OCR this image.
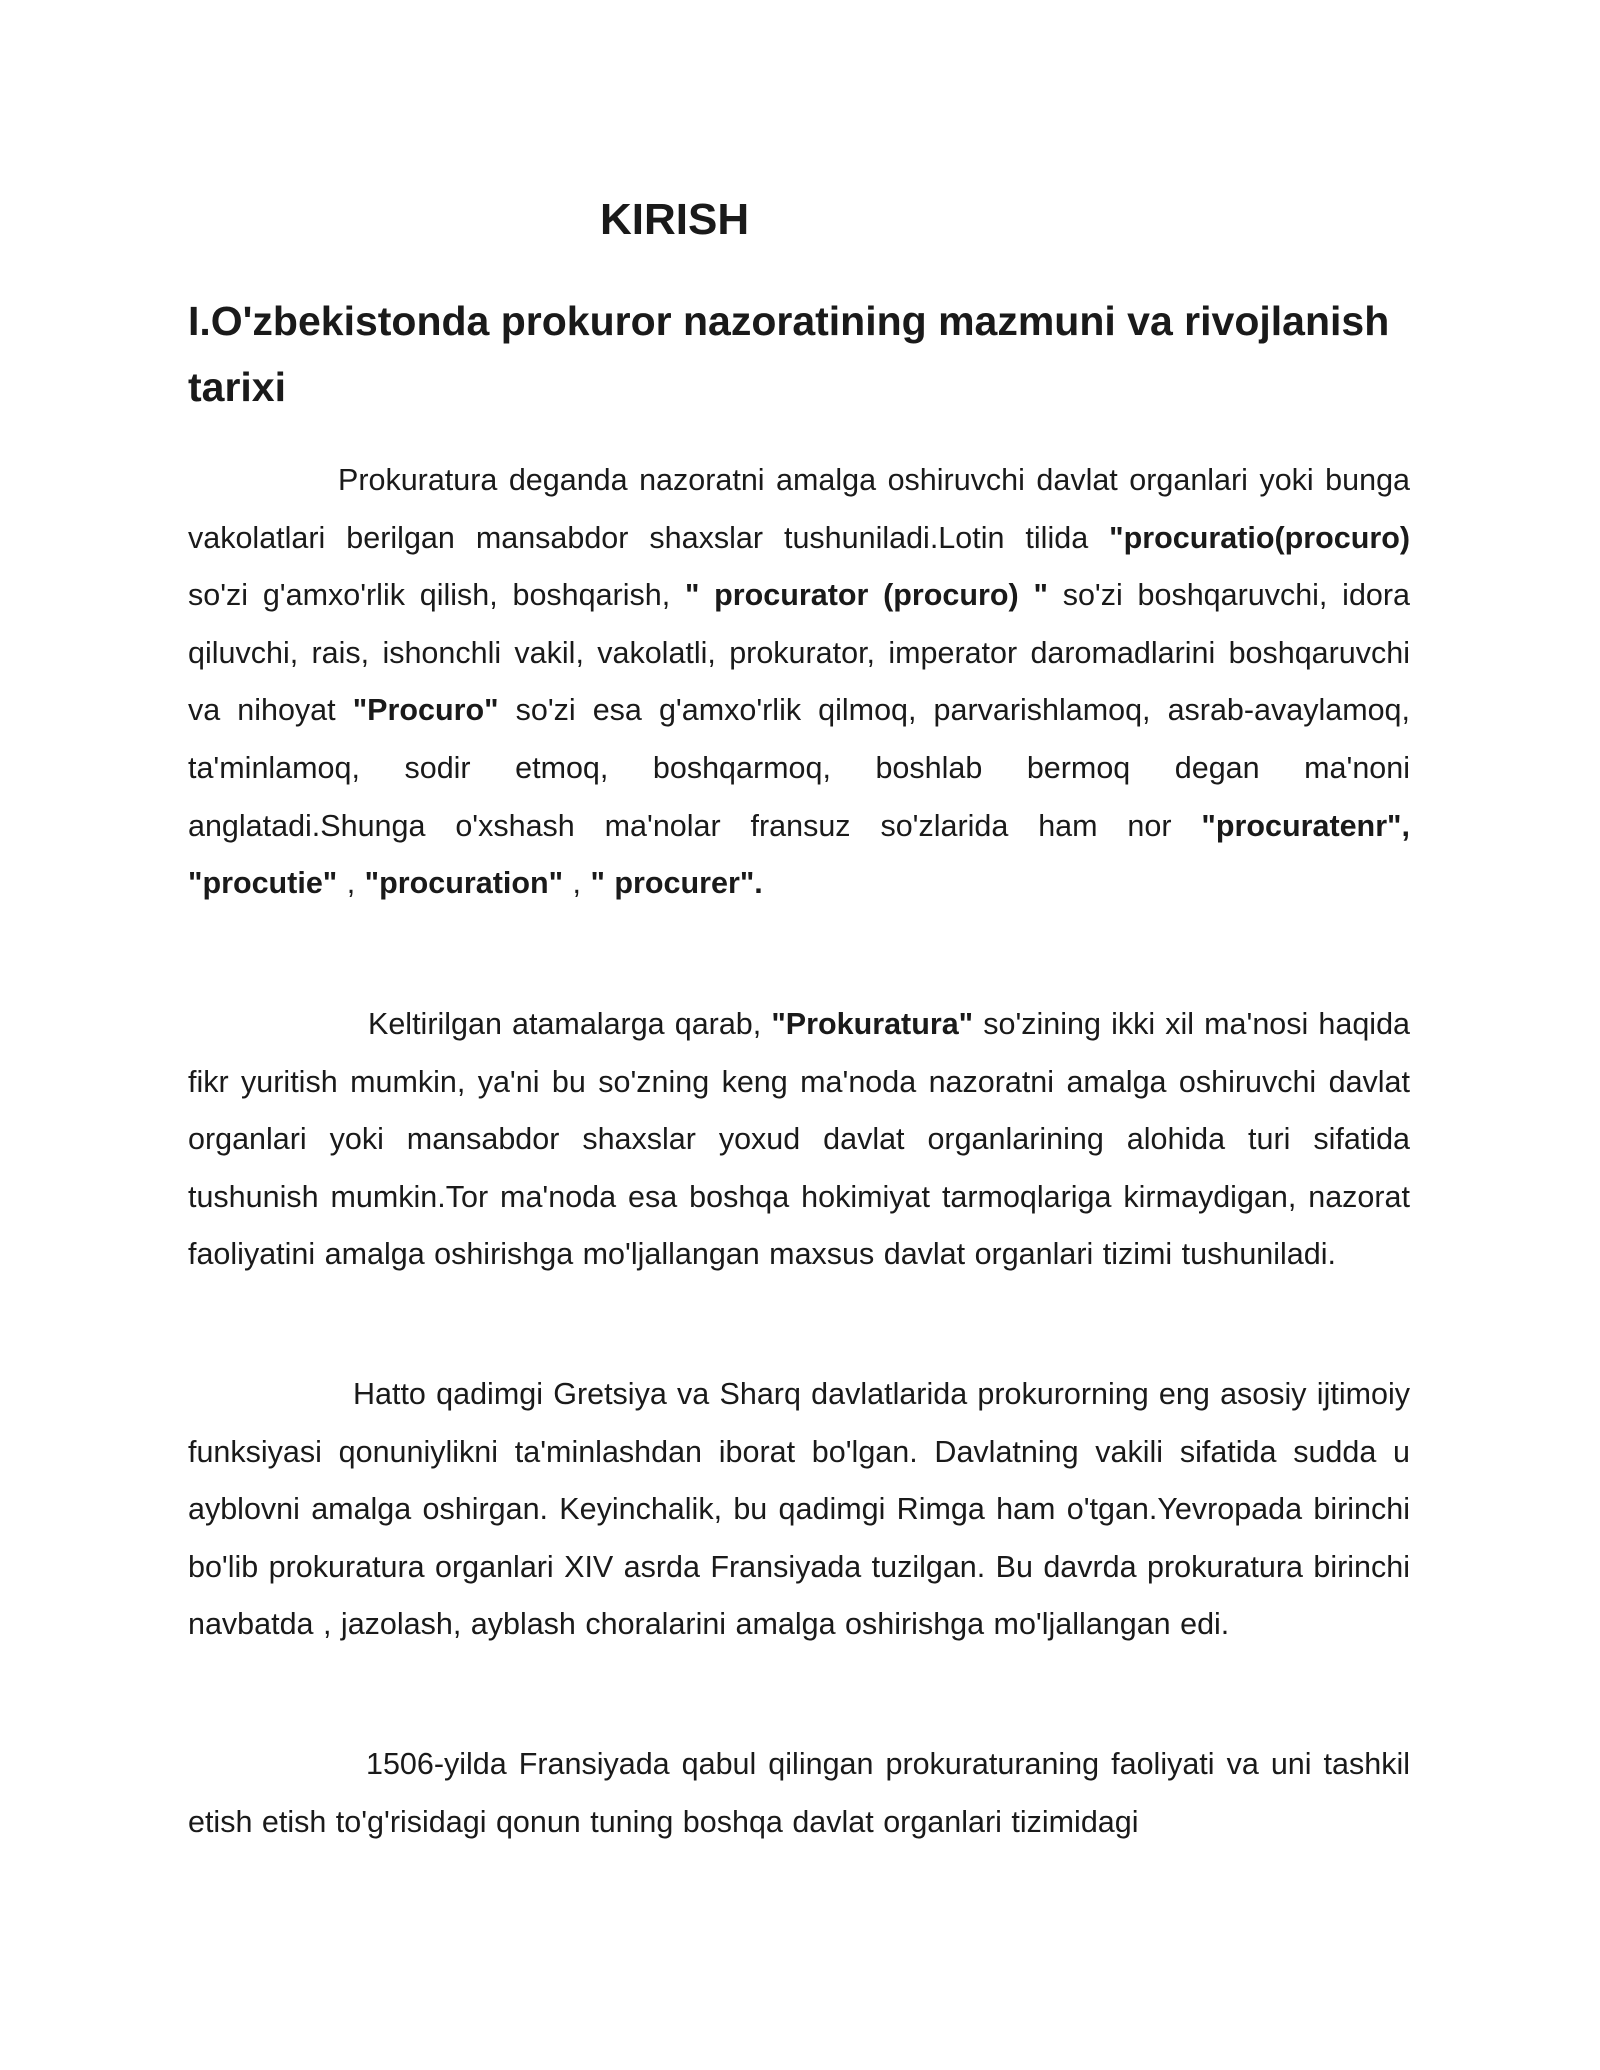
KIRISH
I.O'zbekistonda prokuror nazoratining mazmuni va rivojlanish tarixi

Prokuratura deganda nazoratni amalga oshiruvchi davlat organlari yoki bunga vakolatlari berilgan mansabdor shaxslar tushuniladi.Lotin tilida "procuratio(procuro) so'zi g'amxo'rlik qilish, boshqarish, " procurator (procuro) " so'zi boshqaruvchi, idora qiluvchi, rais, ishonchli vakil, vakolatli, prokurator, imperator daromadlarini boshqaruvchi va nihoyat "Procuro" so'zi esa g'amxo'rlik qilmoq, parvarishlamoq, asrab-avaylamoq, ta'minlamoq, sodir etmoq, boshqarmoq, boshlab bermoq degan ma'noni anglatadi.Shunga o'xshash ma'nolar fransuz so'zlarida ham nor "procuratenr", "procutie" , "procuration" , " procurer".

Keltirilgan atamalarga qarab, "Prokuratura" so'zining ikki xil ma'nosi haqida fikr yuritish mumkin, ya'ni bu so'zning keng ma'noda nazoratni amalga oshiruvchi davlat organlari yoki mansabdor shaxslar yoxud davlat organlarining alohida turi sifatida tushunish mumkin.Tor ma'noda esa boshqa hokimiyat tarmoqlariga kirmaydigan, nazorat faoliyatini amalga oshirishga mo'ljallangan maxsus davlat organlari tizimi tushuniladi.

Hatto qadimgi Gretsiya va Sharq davlatlarida prokurorning eng asosiy ijtimoiy funksiyasi qonuniylikni ta'minlashdan iborat bo'lgan. Davlatning vakili sifatida sudda u ayblovni amalga oshirgan. Keyinchalik, bu qadimgi Rimga ham o'tgan.Yevropada birinchi bo'lib prokuratura organlari XIV asrda Fransiyada tuzilgan. Bu davrda prokuratura birinchi navbatda , jazolash, ayblash choralarini amalga oshirishga mo'ljallangan edi.

1506-yilda Fransiyada qabul qilingan prokuraturaning faoliyati va uni tashkil etish etish to'g'risidagi qonun tuning boshqa davlat organlari tizimidagi
